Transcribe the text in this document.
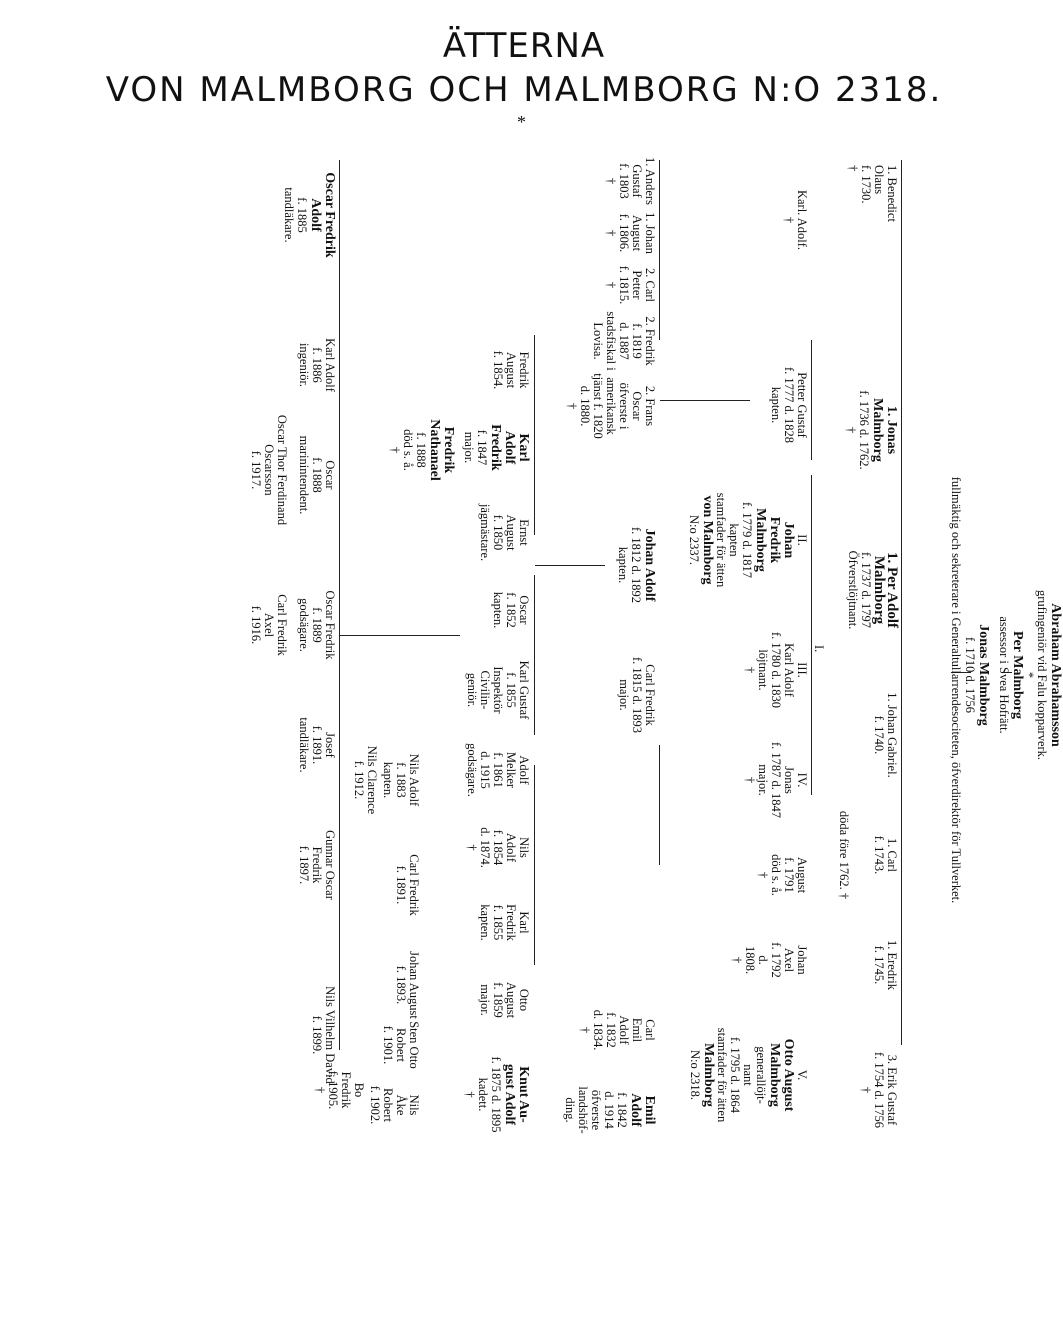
ÄTTERNA
VON MALMBORG OCH MALMBORG N:O 2318.
*
Abraham Abrahamsson
grufingeniör vid Falu kopparverk.
*
Per Malmborg
assessor i Svea Hofrätt.
Jonas Malmborg
f. 1710 d. 1756
fullmäktig och sekreterare i Generaltullarrendesociteten, öfverdirektör för Tullverket.
1. Benedict
Olaus
f. 1730.
†
1. Jonas
Malmborg
f. 1736 d. 1762.
†
1. Per Adolf
Malmborg
f. 1737 d. 1797
Öfverstlöjtnant.
1. Johan Gabriel.
f. 1740.
1. Carl
f. 1743.
döda före 1762. †
1. Eredrik
f. 1745.
3. Erik Gustaf
f. 1754 d. 1756
†
I.
Karl. Adolf.
†
Petter Gustaf
f. 1777 d. 1828
kapten.
II.
Johan
Fredrik
Malmborg
f. 1779 d. 1817
kapten
stamfader för ätten
von Malmborg
N:o 2337.
III.
Karl Adolf
f. 1780 d. 1830
löjtnant.
†
IV.
Jonas
f. 1787 d. 1847
major.
†
August
f. 1791
död s. å.
†
Johan
Axel
f. 1792
d.
1808.
†
V.
Otto August
Malmborg
generallöjt-
nant
f. 1795 d. 1864
stamfader för ätten
Malmborg
N:o 2318.
1. Anders
Gustaf
f. 1803
†
1. Johan
August
f. 1806.
†
2. Carl
Petter
f. 1815.
†
2. Fredrik
f. 1819
d. 1887
stadsfiskal i
Lovisa.
2. Frans
Oscar
öfverste i
amerikansk
tjänst f. 1820
d. 1880.
†
Johan Adolf
f. 1812 d. 1892
kapten.
Carl Fredrik
f. 1815 d. 1893
major.
Carl
Emil
Adolf
f. 1832
d. 1834.
†
Emil
Adolf
f. 1842
d. 1914
öfverste
landshöf-
ding.
Fredrik
August
f. 1854.
Karl
Adolf
Fredrik
f. 1847
major.
Fredrik
Nathanael
f. 1888
död s. å.
†
Ernst
August
f. 1850
jägmästare.
Oscar
f. 1852
kapten.
Karl Gustaf
f. 1855
Inspektör
Civilin-
geniör.
Adolf
Melker
f. 1861
d. 1915
godsägare.
Nils
Adolf
f. 1854
d. 1874.
†
Karl
Fredrik
f. 1855
kapten.
Otto
August
f. 1859
major.
Knut Au-
gust Adolf
f. 1875 d. 1895
kadett.
†
Oscar Fredrik
Adolf
f. 1885
tandläkare.
Karl Adolf
f. 1886
ingeniör.
Oscar
f. 1888
marinintendent.
Oscar Thor Ferdinand
Oscarsson
f. 1917.
Oscar Fredrik
f. 1889
godsägare.
Carl Fredrik
Axel
f. 1916.
Josef
f. 1891.
tandläkare.
Nils Adolf
f. 1883
kapten.
Nils Clarence
f. 1912.
Carl Fredrik
f. 1891.
Johan August
f. 1893.
Gunnar Oscar
Fredrik
f. 1897.
Sten Otto
Robert
f. 1901.
Nils
Åke
Robert
f. 1902.
Bo
Fredrik
f. 1905.
†
Nils Vilhelm David
f. 1899.
